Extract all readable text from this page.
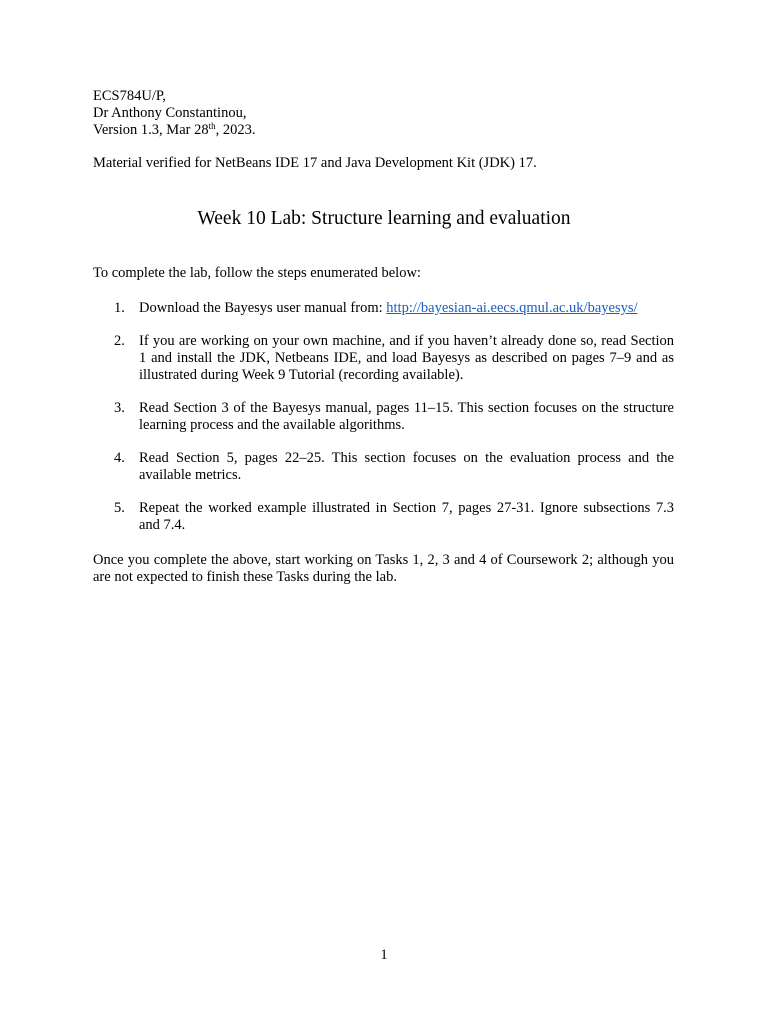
ECS784U/P,
Dr Anthony Constantinou,
Version 1.3, Mar 28th, 2023.
Material verified for NetBeans IDE 17 and Java Development Kit (JDK) 17.
Week 10 Lab: Structure learning and evaluation
To complete the lab, follow the steps enumerated below:
1. Download the Bayesys user manual from: http://bayesian-ai.eecs.qmul.ac.uk/bayesys/
2. If you are working on your own machine, and if you haven’t already done so, read Section 1 and install the JDK, Netbeans IDE, and load Bayesys as described on pages 7–9 and as illustrated during Week 9 Tutorial (recording available).
3. Read Section 3 of the Bayesys manual, pages 11–15. This section focuses on the structure learning process and the available algorithms.
4. Read Section 5, pages 22–25. This section focuses on the evaluation process and the available metrics.
5. Repeat the worked example illustrated in Section 7, pages 27-31. Ignore subsections 7.3 and 7.4.
Once you complete the above, start working on Tasks 1, 2, 3 and 4 of Coursework 2; although you are not expected to finish these Tasks during the lab.
1
